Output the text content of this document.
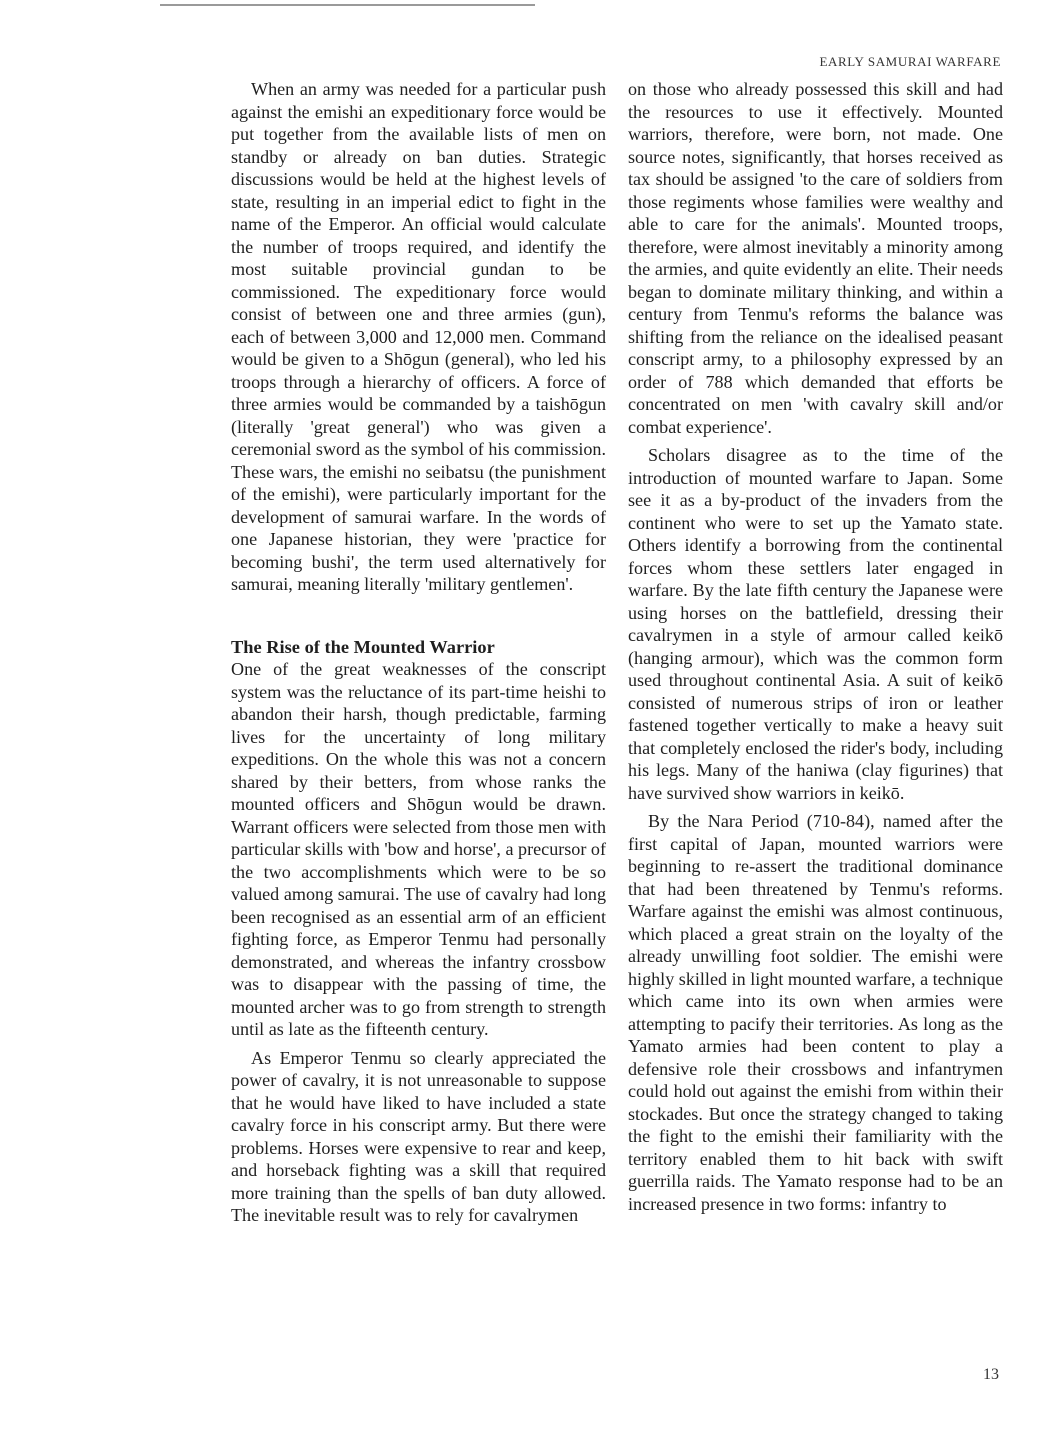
EARLY SAMURAI WARFARE

When an army was needed for a particular push against the emishi an expeditionary force would be put together from the available lists of men on standby or already on ban duties. Strategic discussions would be held at the highest levels of state, resulting in an imperial edict to fight in the name of the Emperor. An official would calculate the number of troops required, and identify the most suitable provincial gundan to be commissioned. The expeditionary force would consist of between one and three armies (gun), each of between 3,000 and 12,000 men. Command would be given to a Shōgun (general), who led his troops through a hierarchy of officers. A force of three armies would be commanded by a taishōgun (literally 'great general') who was given a ceremonial sword as the symbol of his commission. These wars, the emishi no seibatsu (the punishment of the emishi), were particularly important for the development of samurai warfare. In the words of one Japanese historian, they were 'practice for becoming bushi', the term used alternatively for samurai, meaning literally 'military gentlemen'.

The Rise of the Mounted Warrior

One of the great weaknesses of the conscript system was the reluctance of its part-time heishi to abandon their harsh, though predictable, farming lives for the uncertainty of long military expeditions. On the whole this was not a concern shared by their betters, from whose ranks the mounted officers and Shōgun would be drawn. Warrant officers were selected from those men with particular skills with 'bow and horse', a precursor of the two accomplishments which were to be so valued among samurai. The use of cavalry had long been recognised as an essential arm of an efficient fighting force, as Emperor Tenmu had personally demonstrated, and whereas the infantry crossbow was to disappear with the passing of time, the mounted archer was to go from strength to strength until as late as the fifteenth century.

As Emperor Tenmu so clearly appreciated the power of cavalry, it is not unreasonable to suppose that he would have liked to have included a state cavalry force in his conscript army. But there were problems. Horses were expensive to rear and keep, and horseback fighting was a skill that required more training than the spells of ban duty allowed. The inevitable result was to rely for cavalrymen

on those who already possessed this skill and had the resources to use it effectively. Mounted warriors, therefore, were born, not made. One source notes, significantly, that horses received as tax should be assigned 'to the care of soldiers from those regiments whose families were wealthy and able to care for the animals'. Mounted troops, therefore, were almost inevitably a minority among the armies, and quite evidently an elite. Their needs began to dominate military thinking, and within a century from Tenmu's reforms the balance was shifting from the reliance on the idealised peasant conscript army, to a philosophy expressed by an order of 788 which demanded that efforts be concentrated on men 'with cavalry skill and/or combat experience'.

Scholars disagree as to the time of the introduction of mounted warfare to Japan. Some see it as a by-product of the invaders from the continent who were to set up the Yamato state. Others identify a borrowing from the continental forces whom these settlers later engaged in warfare. By the late fifth century the Japanese were using horses on the battlefield, dressing their cavalrymen in a style of armour called keikō (hanging armour), which was the common form used throughout continental Asia. A suit of keikō consisted of numerous strips of iron or leather fastened together vertically to make a heavy suit that completely enclosed the rider's body, including his legs. Many of the haniwa (clay figurines) that have survived show warriors in keikō.

By the Nara Period (710-84), named after the first capital of Japan, mounted warriors were beginning to re-assert the traditional dominance that had been threatened by Tenmu's reforms. Warfare against the emishi was almost continuous, which placed a great strain on the loyalty of the already unwilling foot soldier. The emishi were highly skilled in light mounted warfare, a technique which came into its own when armies were attempting to pacify their territories. As long as the Yamato armies had been content to play a defensive role their crossbows and infantrymen could hold out against the emishi from within their stockades. But once the strategy changed to taking the fight to the emishi their familiarity with the territory enabled them to hit back with swift guerrilla raids. The Yamato response had to be an increased presence in two forms: infantry to

13
